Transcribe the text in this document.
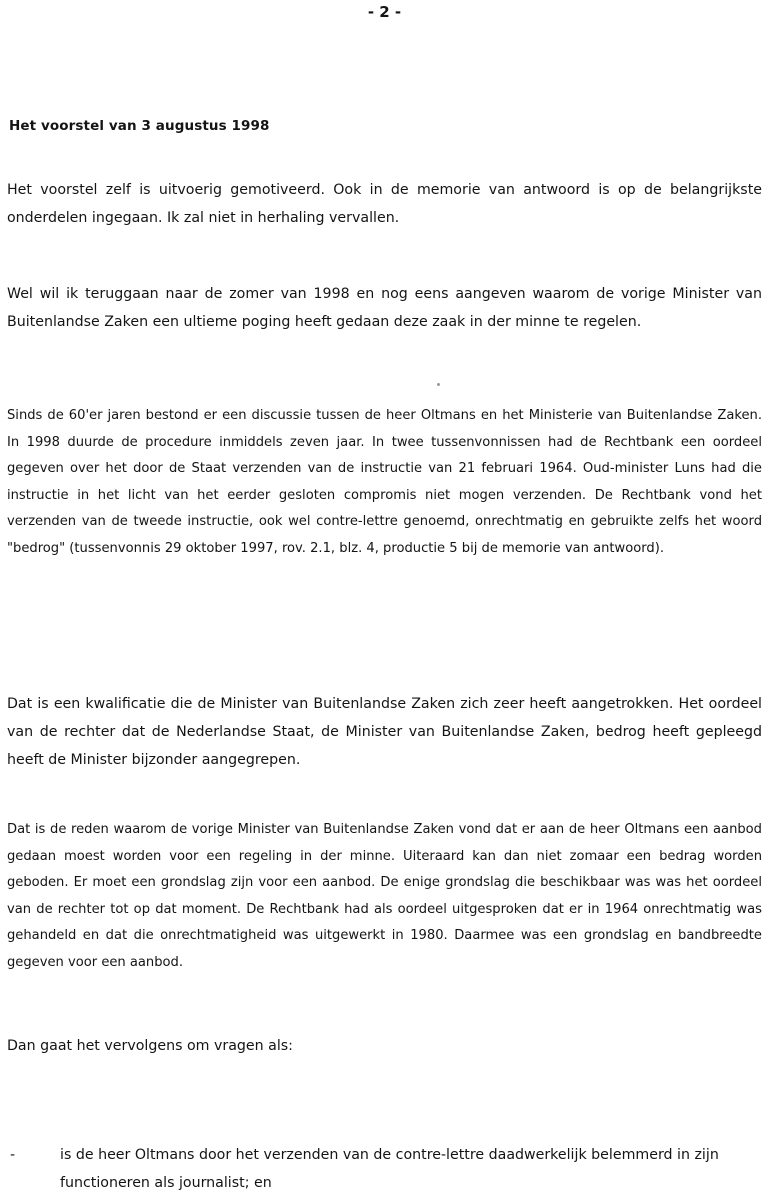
- 2 -
Het voorstel van 3 augustus 1998

Het voorstel zelf is uitvoerig gemotiveerd. Ook in de memorie van antwoord is op de belangrijkste onderdelen ingegaan. Ik zal niet in herhaling vervallen.

Wel wil ik teruggaan naar de zomer van 1998 en nog eens aangeven waarom de vorige Minister van Buitenlandse Zaken een ultieme poging heeft gedaan deze zaak in der minne te regelen.

Sinds de 60'er jaren bestond er een discussie tussen de heer Oltmans en het Ministerie van Buitenlandse Zaken. In 1998 duurde de procedure inmiddels zeven jaar. In twee tussenvonnissen had de Rechtbank een oordeel gegeven over het door de Staat verzenden van de instructie van 21 februari 1964. Oud-minister Luns had die instructie in het licht van het eerder gesloten compromis niet mogen verzenden. De Rechtbank vond het verzenden van de tweede instructie, ook wel contre-lettre genoemd, onrechtmatig en gebruikte zelfs het woord "bedrog" (tussenvonnis 29 oktober 1997, rov. 2.1, blz. 4, productie 5 bij de memorie van antwoord).

Dat is een kwalificatie die de Minister van Buitenlandse Zaken zich zeer heeft aangetrokken. Het oordeel van de rechter dat de Nederlandse Staat, de Minister van Buitenlandse Zaken, bedrog heeft gepleegd heeft de Minister bijzonder aangegrepen.

Dat is de reden waarom de vorige Minister van Buitenlandse Zaken vond dat er aan de heer Oltmans een aanbod gedaan moest worden voor een regeling in der minne. Uiteraard kan dan niet zomaar een bedrag worden geboden. Er moet een grondslag zijn voor een aanbod. De enige grondslag die beschikbaar was was het oordeel van de rechter tot op dat moment. De Rechtbank had als oordeel uitgesproken dat er in 1964 onrechtmatig was gehandeld en dat die onrechtmatigheid was uitgewerkt in 1980. Daarmee was een grondslag en bandbreedte gegeven voor een aanbod.

Dan gaat het vervolgens om vragen als:

-	is de heer Oltmans door het verzenden van de contre-lettre daadwerkelijk belemmerd in zijn functioneren als journalist; en
